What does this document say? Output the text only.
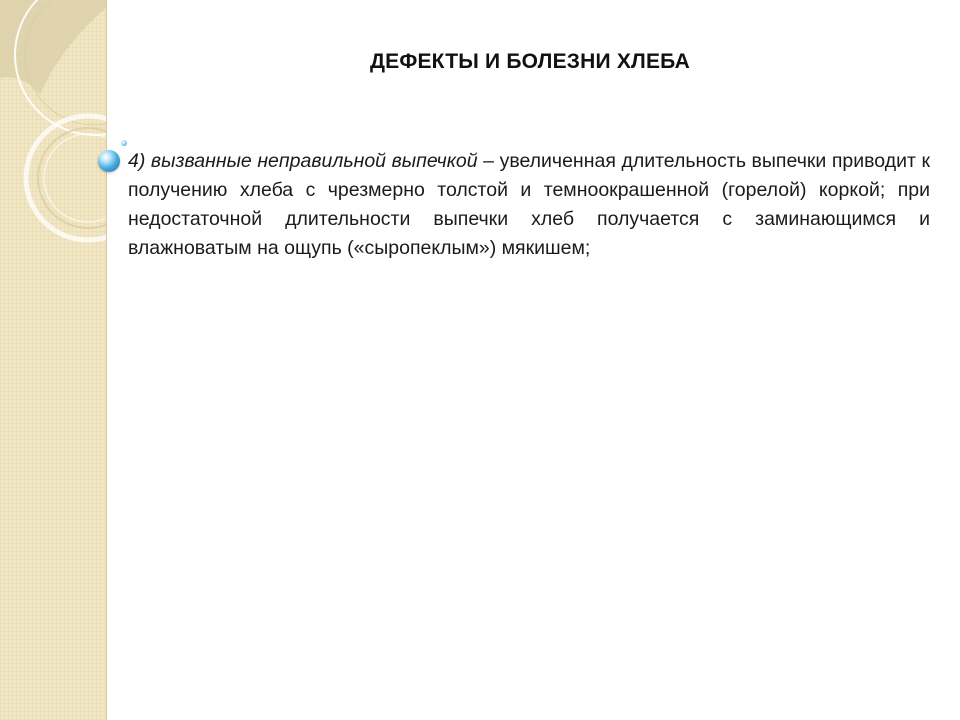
ДЕФЕКТЫ И БОЛЕЗНИ ХЛЕБА

4) вызванные неправильной выпечкой – увеличенная длительность выпечки приводит к получению хлеба с чрезмерно толстой и темноокрашенной (горелой) коркой; при недостаточной длительности выпечки хлеб получается с заминающимся и влажноватым на ощупь («сыропеклым») мякишем;
